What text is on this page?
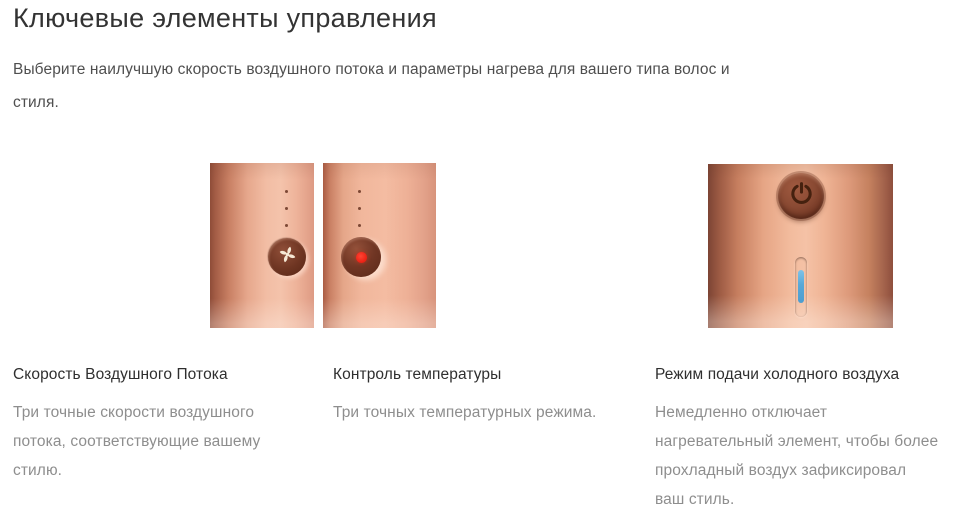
Ключевые элементы управления
Выберите наилучшую скорость воздушного потока и параметры нагрева для вашего типа волос и
стиля.
Скорость Воздушного Потока
Три точные скорости воздушного
потока, соответствующие вашему
стилю.
Контроль температуры
Три точных температурных режима.
Режим подачи холодного воздуха
Немедленно отключает
нагревательный элемент, чтобы более
прохладный воздух зафиксировал
ваш стиль.
